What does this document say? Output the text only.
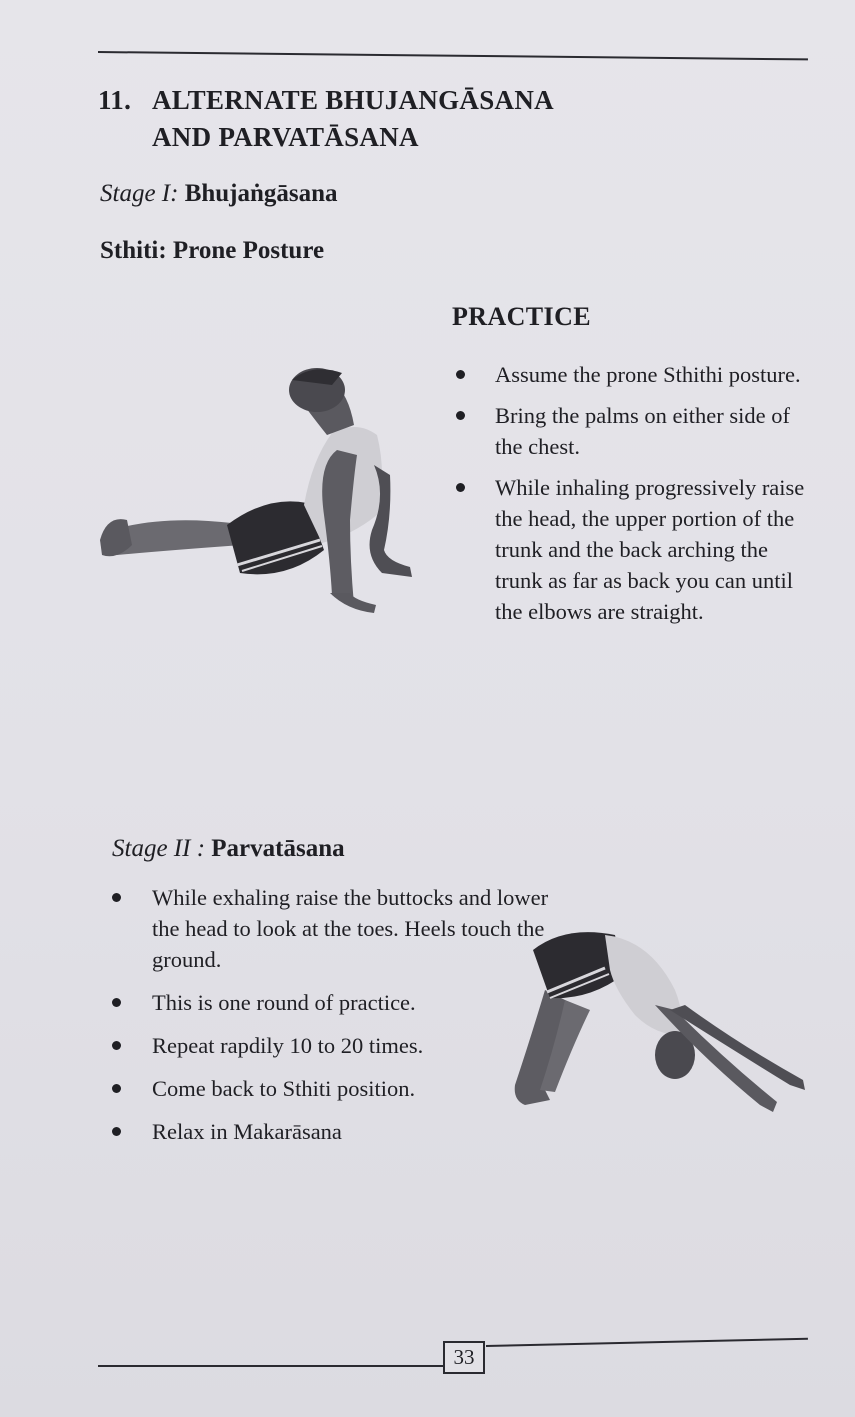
11. ALTERNATE BHUJANGĀSANA
AND PARVATĀSANA
Stage I: Bhujaṅgāsana
Sthiti: Prone Posture
PRACTICE
Assume the prone Sthithi posture.
Bring the palms on either side of the chest.
While inhaling progressively raise the head, the upper portion of the trunk and the back arching the trunk as far as back you can until the elbows are straight.
Stage II : Parvatāsana
While exhaling raise the buttocks and lower the head to look at the toes. Heels touch the ground.
This is one round of practice.
Repeat rapdily 10 to 20 times.
Come back to Sthiti position.
Relax in Makarāsana
33
